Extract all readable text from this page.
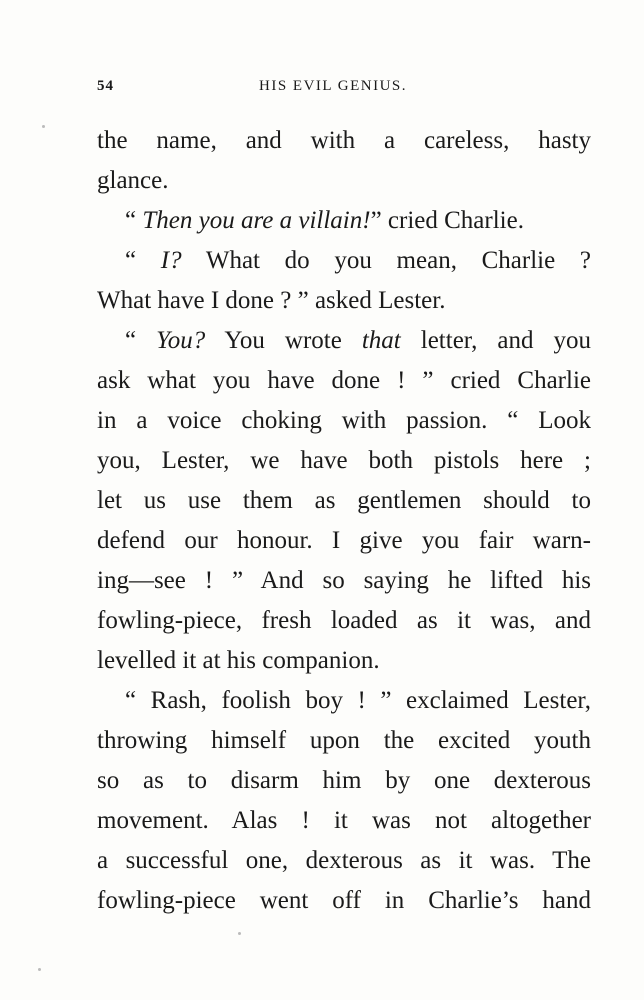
54	HIS EVIL GENIUS.
the name, and with a careless, hasty
glance.
“ Then you are a villain!” cried Charlie.
“ I? What do you mean, Charlie ?
What have I done ? ” asked Lester.
“ You? You wrote that letter, and you
ask what you have done ! ” cried Charlie
in a voice choking with passion. “ Look
you, Lester, we have both pistols here ;
let us use them as gentlemen should to
defend our honour. I give you fair warn-
ing—see ! ” And so saying he lifted his
fowling-piece, fresh loaded as it was, and
levelled it at his companion.
“ Rash, foolish boy ! ” exclaimed Lester,
throwing himself upon the excited youth
so as to disarm him by one dexterous
movement. Alas ! it was not altogether
a successful one, dexterous as it was. The
fowling-piece went off in Charlie’s hand
